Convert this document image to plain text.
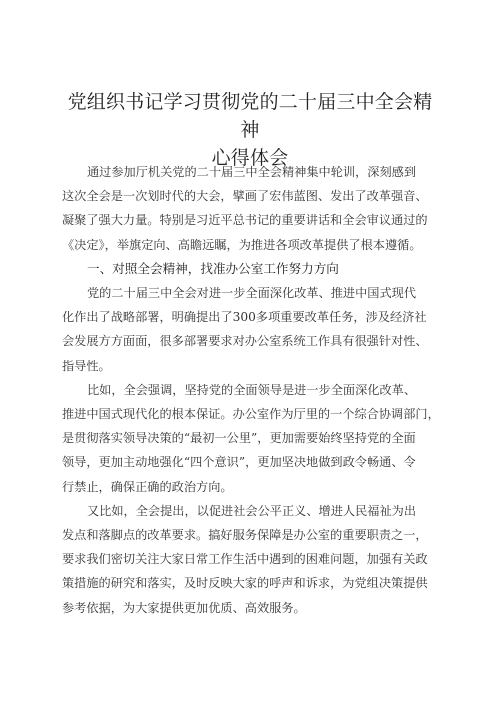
党组织书记学习贯彻党的二十届三中全会精神
心得体会
通过参加厅机关党的二十届三中全会精神集中轮训，深刻感到
这次全会是一次划时代的大会，擘画了宏伟蓝图、发出了改革强音、
凝聚了强大力量。特别是习近平总书记的重要讲话和全会审议通过的
《决定》，举旗定向、高瞻远瞩，为推进各项改革提供了根本遵循。
一、对照全会精神，找准办公室工作努力方向
党的二十届三中全会对进一步全面深化改革、推进中国式现代
化作出了战略部署，明确提出了300多项重要改革任务，涉及经济社
会发展方方面面，很多部署要求对办公室系统工作具有很强针对性、
指导性。
比如，全会强调，坚持党的全面领导是进一步全面深化改革、
推进中国式现代化的根本保证。办公室作为厅里的一个综合协调部门，
是贯彻落实领导决策的“最初一公里”，更加需要始终坚持党的全面
领导，更加主动地强化“四个意识”，更加坚决地做到政令畅通、令
行禁止，确保正确的政治方向。
又比如，全会提出，以促进社会公平正义、增进人民福祉为出
发点和落脚点的改革要求。搞好服务保障是办公室的重要职责之一，
要求我们密切关注大家日常工作生活中遇到的困难问题，加强有关政
策措施的研究和落实，及时反映大家的呼声和诉求，为党组决策提供
参考依据，为大家提供更加优质、高效服务。
